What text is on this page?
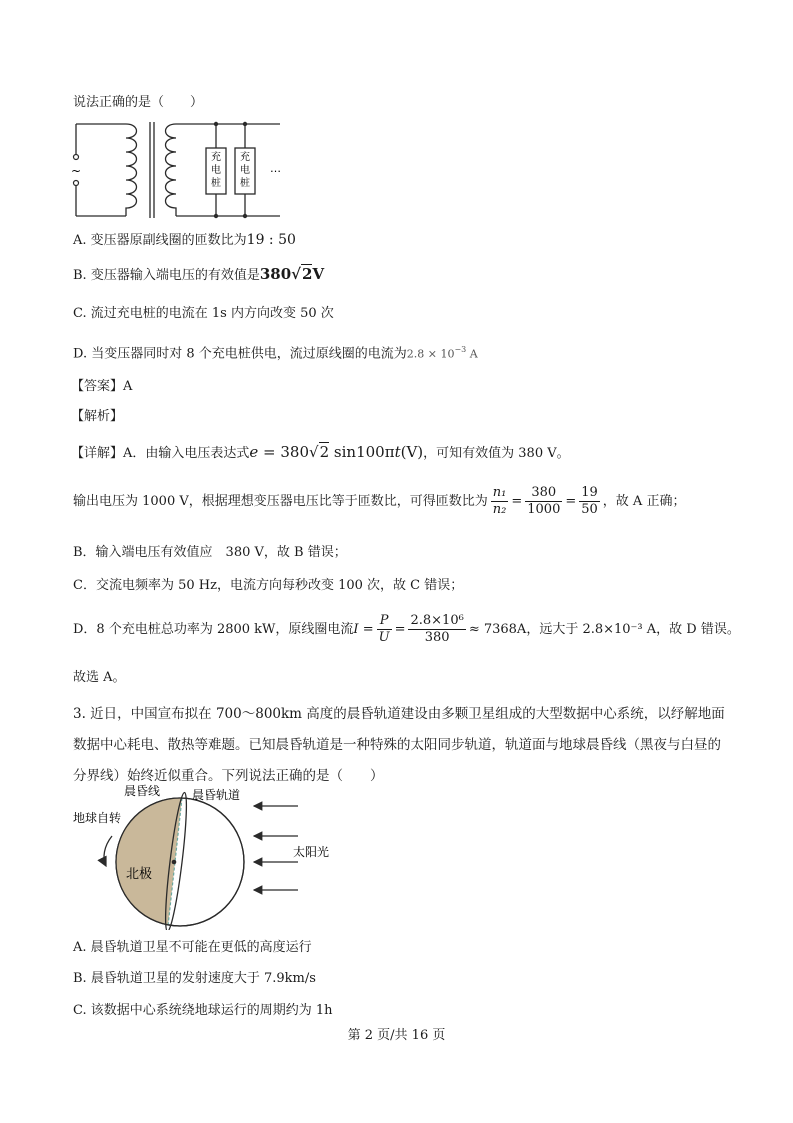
说法正确的是（　　）
~
充电桩
充电桩
…
A. 变压器原副线圈的匝数比为19 : 50
B. 变压器输入端电压的有效值是380√2V
C. 流过充电桩的电流在 1s 内方向改变 50 次
D. 当变压器同时对 8 个充电桩供电，流过原线圈的电流为$2.8 \times 10^{-3}$ A
【答案】A
【解析】
【详解】A．由输入电压表达式e = 380√2 sin100πt(V)，可知有效值为 380 V。
输出电压为 1000 V，根据理想变压器电压比等于匝数比，可得匝数比为 $\frac{\text{n₁}}{\text{n₂}} = \frac{380}{1000} = \frac{19}{50}$ ，故 A 正确；
B．输入端电压有效值应　380 V，故 B 错误；
C．交流电频率为 50 Hz，电流方向每秒改变 100 次，故 C 错误；
D．8 个充电桩总功率为 2800 kW，原线圈电流$I = \frac{P}{U} = \frac{\text{2.8×10⁶}}{380} \approx 7368A$，远大于 2.8×10⁻³ A，故 D 错误。
故选 A。
3. 近日，中国宣布拟在 700～800km 高度的晨昏轨道建设由多颗卫星组成的大型数据中心系统，以纾解地面数据中心耗电、散热等难题。已知晨昏轨道是一种特殊的太阳同步轨道，轨道面与地球晨昏线（黑夜与白昼的分界线）始终近似重合。下列说法正确的是（　　）
晨昏线	晨昏轨道
地球自转
太阳光
北极
A. 晨昏轨道卫星不可能在更低的高度运行
B. 晨昏轨道卫星的发射速度大于 7.9km/s
C. 该数据中心系统绕地球运行的周期约为 1h
第 2 页/共 16 页
